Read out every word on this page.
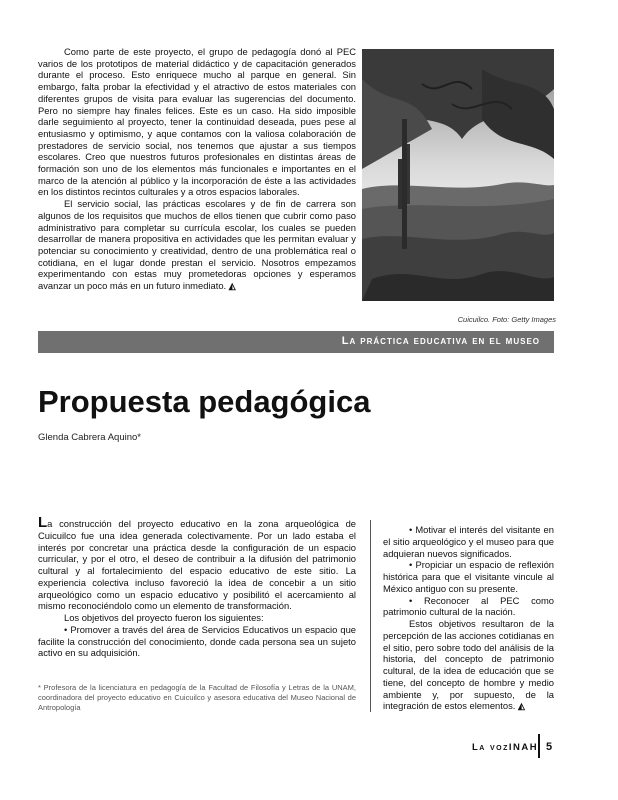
Como parte de este proyecto, el grupo de pedagogía donó al PEC varios de los prototipos de material didáctico y de capacitación generados durante el proceso. Esto enriquece mucho al parque en general. Sin embargo, falta probar la efectividad y el atractivo de estos materiales con diferentes grupos de visita para evaluar las sugerencias del documento. Pero no siempre hay finales felices. Este es un caso. Ha sido imposible darle seguimiento al proyecto, tener la continuidad deseada, pues pese al entusiasmo y optimismo, y aque contamos con la valiosa colaboración de prestadores de servicio social, nos tenemos que ajustar a sus tiempos escolares. Creo que nuestros futuros profesionales en distintas áreas de formación son uno de los elementos más funcionales e importantes en el marco de la atención al público y la incorporación de éste a las actividades en los distintos recintos culturales y a otros espacios laborales.

El servicio social, las prácticas escolares y de fin de carrera son algunos de los requisitos que muchos de ellos tienen que cubrir como paso administrativo para completar su currícula escolar, los cuales se pueden desarrollar de manera propositiva en actividades que les permitan evaluar y potenciar su conocimiento y creatividad, dentro de una problemática real o cotidiana, en el lugar donde prestan el servicio. Nosotros empezamos experimentando con estas muy prometedoras opciones y esperamos avanzar un poco más en un futuro inmediato. ◭

Cuicuilco. Foto: Getty Images
La práctica educativa en el museo
Propuesta pedagógica
Glenda Cabrera Aquino*

La construcción del proyecto educativo en la zona arqueológica de Cuicuilco fue una idea generada colectivamente. Por un lado estaba el interés por concretar una práctica desde la configuración de un espacio curricular, y por el otro, el deseo de contribuir a la difusión del patrimonio cultural y al fortalecimiento del espacio educativo de este sitio. La experiencia colectiva incluso favoreció la idea de concebir a un sitio arqueológico como un espacio educativo y posibilitó el acercamiento al mismo reconociéndolo como un elemento de transformación.

Los objetivos del proyecto fueron los siguientes:

• Promover a través del área de Servicios Educativos un espacio que facilite la construcción del conocimiento, donde cada persona sea un sujeto activo en su adquisición.

• Motivar el interés del visitante en el sitio arqueológico y el museo para que adquieran nuevos significados.

• Propiciar un espacio de reflexión histórica para que el visitante vincule al México antiguo con su presente.

• Reconocer al PEC como patrimonio cultural de la nación.

Estos objetivos resultaron de la percepción de las acciones cotidianas en el sitio, pero sobre todo del análisis de la historia, del concepto de patrimonio cultural, de la idea de educación que se tiene, del concepto de hombre y medio ambiente y, por supuesto, de la integración de estos elementos. ◭

* Profesora de la licenciatura en pedagogía de la Facultad de Filosofía y Letras de la UNAM, coordinadora del proyecto educativo en Cuicuilco y asesora educativa del Museo Nacional de Antropología
La vozINAH 5
